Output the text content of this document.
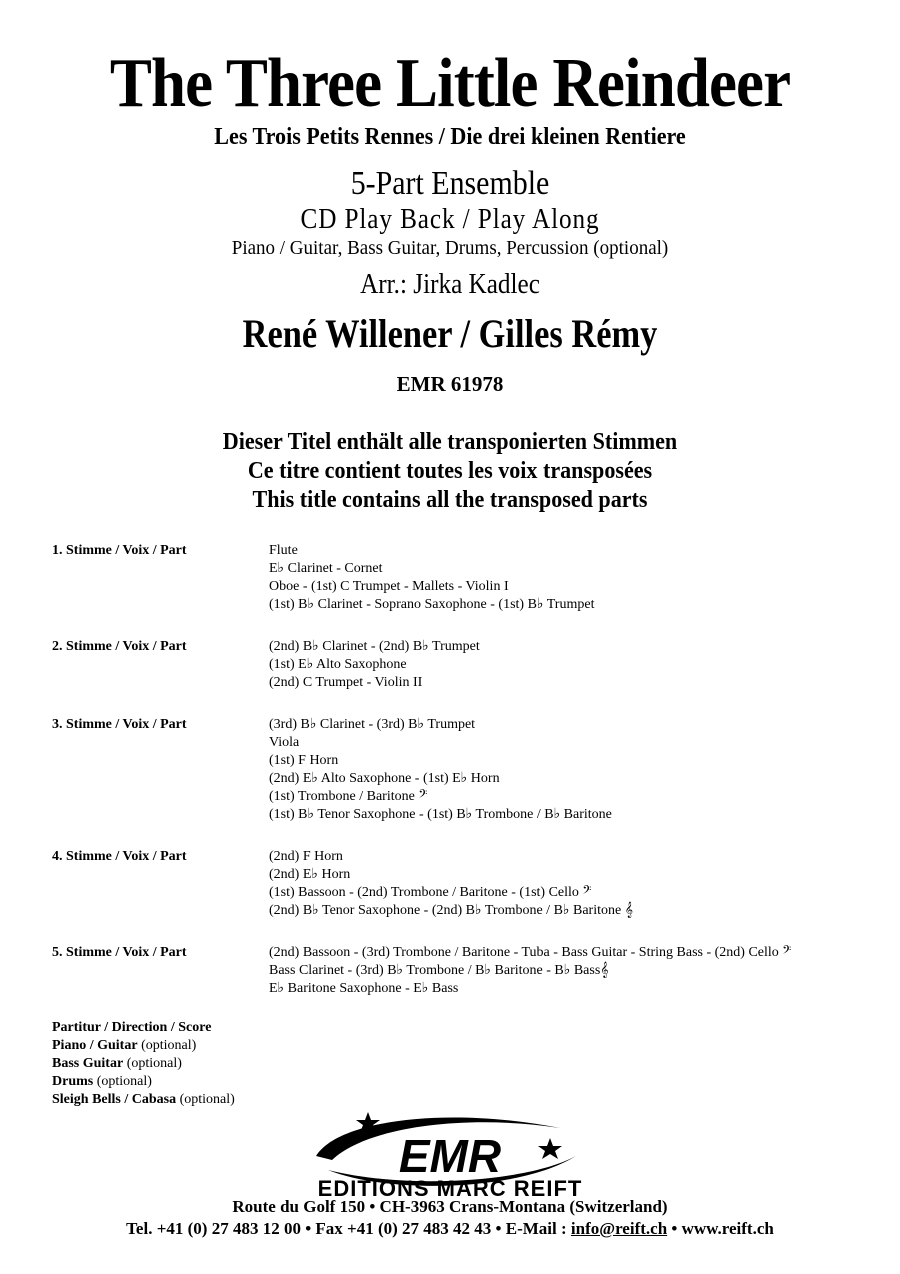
The Three Little Reindeer
Les Trois Petits Rennes / Die drei kleinen Rentiere
5-Part Ensemble
CD Play Back / Play Along
Piano / Guitar, Bass Guitar, Drums, Percussion (optional)
Arr.: Jirka Kadlec
René Willener / Gilles Rémy
EMR 61978
Dieser Titel enthält alle transponierten Stimmen
Ce titre contient toutes les voix transposées
This title contains all the transposed parts
1. Stimme / Voix / Part	Flute
E♭ Clarinet - Cornet
Oboe - (1st) C Trumpet - Mallets - Violin I
(1st) B♭ Clarinet - Soprano Saxophone - (1st) B♭ Trumpet
2. Stimme / Voix / Part	(2nd) B♭ Clarinet - (2nd) B♭ Trumpet
(1st) E♭ Alto Saxophone
(2nd) C Trumpet - Violin II
3. Stimme / Voix / Part	(3rd) B♭ Clarinet - (3rd) B♭ Trumpet
Viola
(1st) F Horn
(2nd) E♭ Alto Saxophone - (1st) E♭ Horn
(1st) Trombone / Baritone 𝄢
(1st) B♭ Tenor Saxophone - (1st) B♭ Trombone / B♭ Baritone
4. Stimme / Voix / Part	(2nd) F Horn
(2nd) E♭ Horn
(1st) Bassoon - (2nd) Trombone / Baritone - (1st) Cello 𝄢
(2nd) B♭ Tenor Saxophone - (2nd) B♭ Trombone / B♭ Baritone 𝄞
5. Stimme / Voix / Part	(2nd) Bassoon - (3rd) Trombone / Baritone - Tuba - Bass Guitar - String Bass - (2nd) Cello 𝄢
Bass Clarinet - (3rd) B♭ Trombone / B♭ Baritone - B♭ Bass𝄞
E♭ Baritone Saxophone - E♭ Bass
Partitur / Direction / Score
Piano / Guitar (optional)
Bass Guitar (optional)
Drums (optional)
Sleigh Bells / Cabasa (optional)
EMR
EDITIONS MARC REIFT
Route du Golf 150 • CH-3963 Crans-Montana (Switzerland)
Tel. +41 (0) 27 483 12 00 • Fax +41 (0) 27 483 42 43 • E-Mail : info@reift.ch • www.reift.ch
